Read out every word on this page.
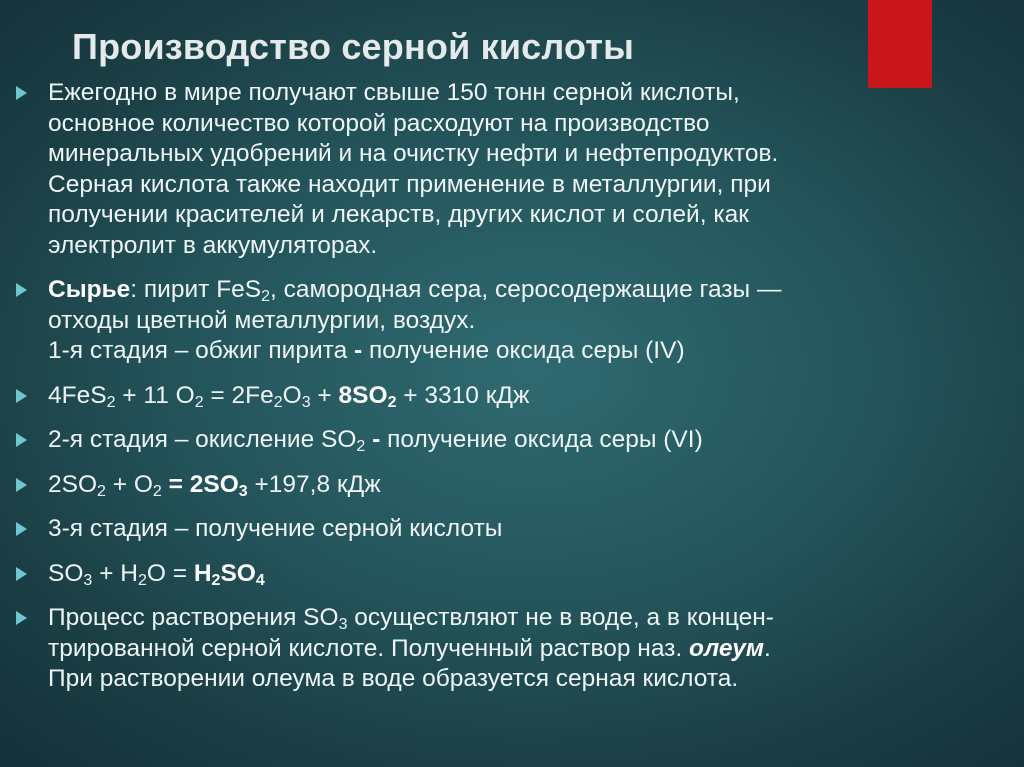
Производство серной кислоты
Ежегодно в мире получают свыше 150 тонн серной кислоты,
основное количество которой расходуют на производство
минеральных удобрений и на очистку нефти и нефтепродуктов.
Серная кислота также находит применение в металлургии, при
получении красителей и лекарств, других кислот и солей, как
электролит в аккумуляторах.
Сырье: пирит FeS$_2$, самородная сера, серосодержащие газы —
отходы цветной металлургии, воздух.
1-я стадия – обжиг пирита - получение оксида серы (IV)
4FeS$_2$ + 11 $O_2 = 2Fe_2O_3 + 8SO_2 + 3310$ кДж
2-я стадия – окисление $SO_2$ - получение оксида серы (VI)
$2SO_2 + O_2 = 2SO_3 +197,8$ кДж
3-я стадия – получение серной кислоты
$SO_3 + H_2O = H_2SO_4$
Процесс растворения $SO_3$ осуществляют не в воде, а в концен-
трированной серной кислоте. Полученный раствор наз. олеум.
При растворении олеума в воде образуется серная кислота.
